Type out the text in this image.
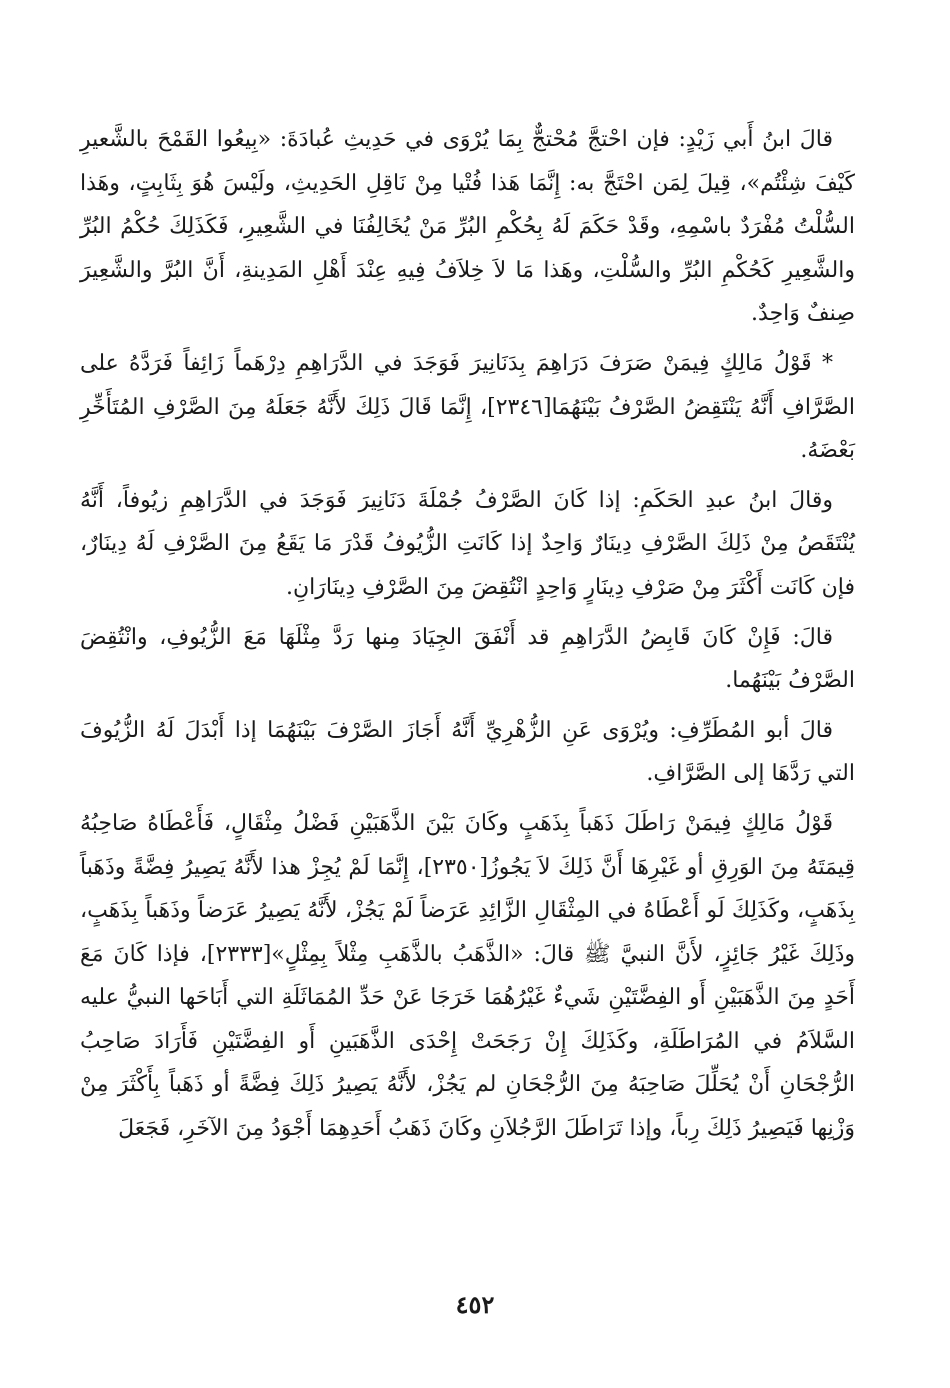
قالَ ابنُ أَبي زَيْدٍ: فإن احْتجَّ مُحْتجٌّ بِمَا يُرْوَى في حَدِيثِ عُبادَةَ: «بِيعُوا القَمْحَ بالشَّعيرِ كَيْفَ شِئْتُم»، قِيلَ لِمَن احْتَجَّ به: إِنَّمَا هَذا فُتْيا مِنْ نَاقِلِ الحَدِيثِ، ولَيْسَ هُوَ بِثَابِتٍ، وهَذا السُّلْتُ مُفْرَدٌ باسْمِهِ، وقَدْ حَكَمَ لَهُ بِحُكْمِ البُرِّ مَنْ يُخَالِفُنَا في الشَّعِيرِ، فَكَذَلِكَ حُكْمُ البُرِّ والشَّعِيرِ كَحُكْمِ البُرِّ والسُّلْتِ، وهَذا مَا لاَ خِلاَفُ فِيهِ عِنْدَ أَهْلِ المَدِينةِ، أَنَّ البُرَّ والشَّعِيرَ صِنفٌ وَاحِدٌ.

* قَوْلُ مَالِكٍ فِيمَنْ صَرَفَ دَرَاهِمَ بِدَنَانِيرَ فَوَجَدَ في الدَّرَاهِمِ دِرْهَماً زَائِفاً فَرَدَّهُ على الصَّرَّافِ أَنَّهُ يَنْتَقِضُ الصَّرْفُ بَيْنَهُمَا[٢٣٤٦]، إِنَّمَا قَالَ ذَلِكَ لأَنَّهُ جَعَلَهُ مِنَ الصَّرْفِ المُتَأَخِّرِ بَعْضَهُ.

وقالَ ابنُ عبدِ الحَكَمِ: إذا كَانَ الصَّرْفُ جُمْلَةَ دَنَانِيرَ فَوَجَدَ في الدَّرَاهِمِ زيُوفاً، أَنَّهُ يُنْتَقَصُ مِنْ ذَلِكَ الصَّرْفِ دِينَارٌ وَاحِدٌ إذا كَانَتِ الزُّيُوفُ قَدْرَ مَا يَقَعُ مِنَ الصَّرْفِ لَهُ دِينَارٌ، فإن كَانَت أَكْثَرَ مِنْ صَرْفِ دِينَارٍ وَاحِدٍ انْتُقِضَ مِنَ الصَّرْفِ دِينَارَانِ.

قالَ: فَإِنْ كَانَ قَابِضُ الدَّرَاهِمِ قد أَنْفَقَ الجِيَادَ مِنها رَدَّ مِثْلَهَا مَعَ الزُّيُوفِ، وانْتُقِضَ الصَّرْفُ بَيْنَهُما.

قالَ أبو المُطَرِّفِ: ويُرْوَى عَنِ الزُّهْرِيِّ أَنَّهُ أَجَازَ الصَّرْفَ بَيْنَهُمَا إذا أَبْدَلَ لَهُ الزُّيُوفَ التي رَدَّهَا إلى الصَّرَّافِ.

قَوْلُ مَالِكٍ فِيمَنْ رَاطَلَ ذَهَباً بِذَهَبٍ وكَانَ بَيْنَ الذَّهَبَيْنِ فَضْلُ مِثْقَالٍ، فَأَعْطَاهُ صَاحِبُهُ قِيمَتَهُ مِنَ الوَرِقِ أو غَيْرِهَا أَنَّ ذَلِكَ لاَ يَجُوزُ[٢٣٥٠]، إِنَّمَا لَمْ يُجِزْ هذا لأَنَّهُ يَصِيرُ فِضَّةً وذَهَباً بِذَهَبٍ، وكَذَلِكَ لَو أَعْطَاهُ في المِثْقَالِ الزَّائِدِ عَرَضاً لَمْ يَجُزْ، لأَنَّهُ يَصِيرُ عَرَضاً وذَهَباً بِذَهَبٍ، وذَلِكَ غَيْرُ جَائِزٍ، لأَنَّ النبيَّ ﷺ قالَ: «الذَّهَبُ بالذَّهَبِ مِثْلاً بِمِثْلٍ»[٢٣٣٣]، فإذا كَانَ مَعَ أَحَدٍ مِنَ الذَّهَبَيْنِ أَو الفِضَّتَيْنِ شَيءٌ غَيْرُهُمَا خَرَجَا عَنْ حَدِّ المُمَاثَلَةِ التي أَبَاحَها النبيُّ عليه السَّلاَمُ في المُرَاطَلَةِ، وكَذَلِكَ إِنْ رَجَحَتْ إِحْدَى الذَّهَبَينِ أَو الفِضَّتَيْنِ فَأَرَادَ صَاحِبُ الرُّجْحَانِ أَنْ يُحَلِّلَ صَاحِبَهُ مِنَ الرُّجْحَانِ لم يَجُزْ، لأَنَّهُ يَصِيرُ ذَلِكَ فِضَّةً أو ذَهَباً بِأَكْثَرَ مِنْ وَزْنِها فَيَصِيرُ ذَلِكَ رِباً، وإذا تَرَاطَلَ الرَّجُلاَنِ وكَانَ ذَهَبُ أَحَدِهِمَا أَجْوَدُ مِنَ الآخَرِ، فَجَعَلَ

٤٥٢
